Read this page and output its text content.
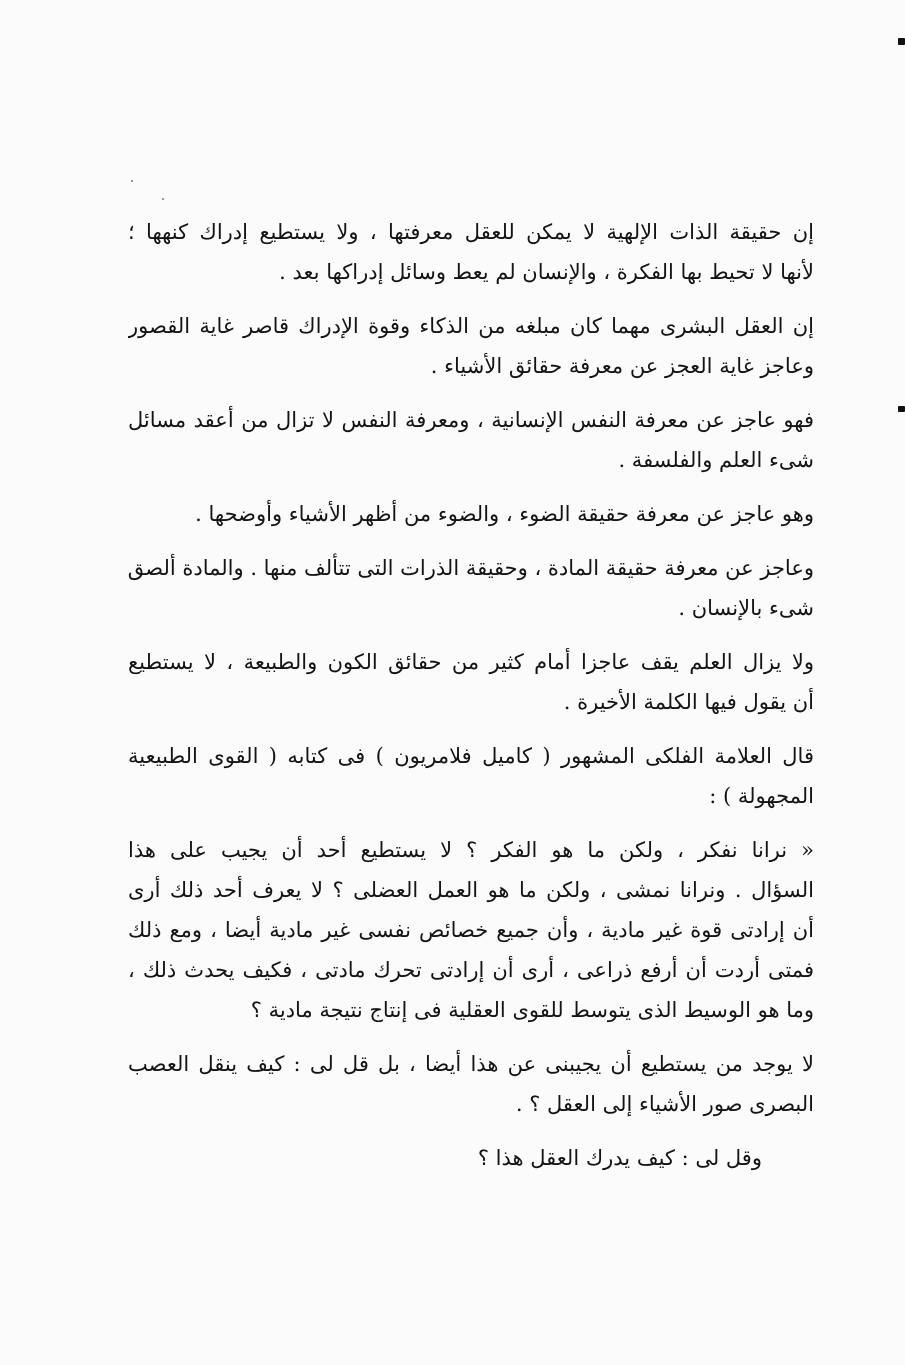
إن حقيقة الذات الإلهية لا يمكن للعقل معرفتها ، ولا يستطيع إدراك كنهها ؛
لأنها لا تحيط بها الفكرة ، والإنسان لم يعط وسائل إدراكها بعد .
إن العقل البشرى مهما كان مبلغه من الذكاء وقوة الإدراك قاصر غاية القصور
وعاجز غاية العجز عن معرفة حقائق الأشياء .
فهو عاجز عن معرفة النفس الإنسانية ، ومعرفة النفس لا تزال من أعقد مسائل
شىء العلم والفلسفة .
وهو عاجز عن معرفة حقيقة الضوء ، والضوء من أظهر الأشياء وأوضحها .
وعاجز عن معرفة حقيقة المادة ، وحقيقة الذرات التى تتألف منها . والمادة ألصق
شىء بالإنسان .
ولا يزال العلم يقف عاجزا أمام كثير من حقائق الكون والطبيعة ، لا يستطيع
أن يقول فيها الكلمة الأخيرة .
قال العلامة الفلكى المشهور ( كاميل فلامريون ) فى كتابه ( القوى الطبيعية
المجهولة ) :
« نرانا نفكر ، ولكن ما هو الفكر ؟ لا يستطيع أحد أن يجيب على هذا
السؤال . ونرانا نمشى ، ولكن ما هو العمل العضلى ؟ لا يعرف أحد ذلك أرى
أن إرادتى قوة غير مادية ، وأن جميع خصائص نفسى غير مادية أيضا ، ومع ذلك
فمتى أردت أن أرفع ذراعى ، أرى أن إرادتى تحرك مادتى ، فكيف يحدث ذلك ،
وما هو الوسيط الذى يتوسط للقوى العقلية فى إنتاج نتيجة مادية ؟
لا يوجد من يستطيع أن يجيبنى عن هذا أيضا ، بل قل لى : كيف ينقل العصب
البصرى صور الأشياء إلى العقل ؟ .
وقل لى : كيف يدرك العقل هذا ؟
